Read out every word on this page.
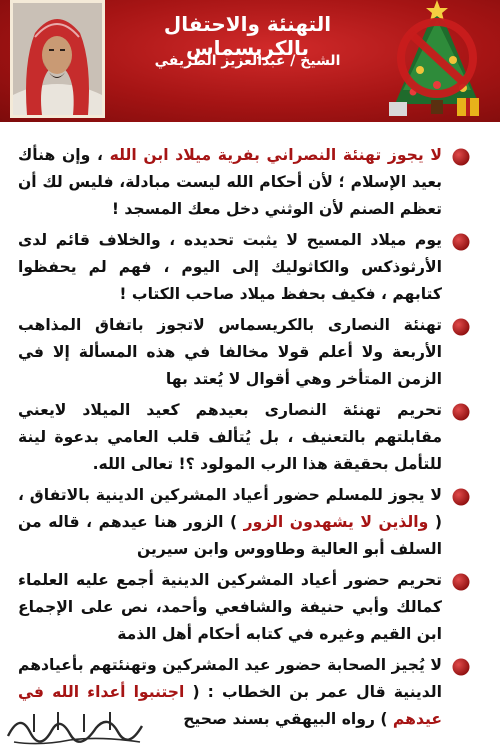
التهنئة والاحتفال بالكريسماس
الشيخ / عبدالعزيز الطريفي
لا يجوز تهنئة النصراني بفرية ميلاد ابن الله ، وإن هنأك بعيد الإسلام ؛ لأن أحكام الله ليست مبادلة، فليس لك أن تعظم الصنم لأن الوثني دخل معك المسجد !
يوم ميلاد المسيح لا يثبت تحديده ، والخلاف قائم لدى الأرثوذكس والكاثوليك إلى اليوم ، فهم لم يحفظوا كتابهم ، فكيف بحفظ ميلاد صاحب الكتاب !
تهنئة النصارى بالكريسماس لاتجوز باتفاق المذاهب الأربعة ولا أعلم قولا مخالفا في هذه المسألة إلا في الزمن المتأخر وهي أقوال لا يُعتد بها
تحريم تهنئة النصارى بعيدهم كعيد الميلاد لايعني مقابلتهم بالتعنيف ، بل يُتألف قلب العامي بدعوة لينة للتأمل بحقيقة هذا الرب المولود ؟! تعالى الله.
لا يجوز للمسلم حضور أعياد المشركين الدينية بالاتفاق ، ( والذين لا يشهدون الزور ) الزور هنا عيدهم ، قاله من السلف أبو العالية وطاووس وابن سيرين
تحريم حضور أعياد المشركين الدينية أجمع عليه العلماء كمالك وأبي حنيفة والشافعي وأحمد، نص على الإجماع ابن القيم وغيره في كتابه أحكام أهل الذمة
لا يُجيز الصحابة حضور عيد المشركين وتهنئتهم بأعيادهم الدينية قال عمر بن الخطاب : ( اجتنبوا أعداء الله في عيدهم ) رواه البيهقي بسند صحيح
